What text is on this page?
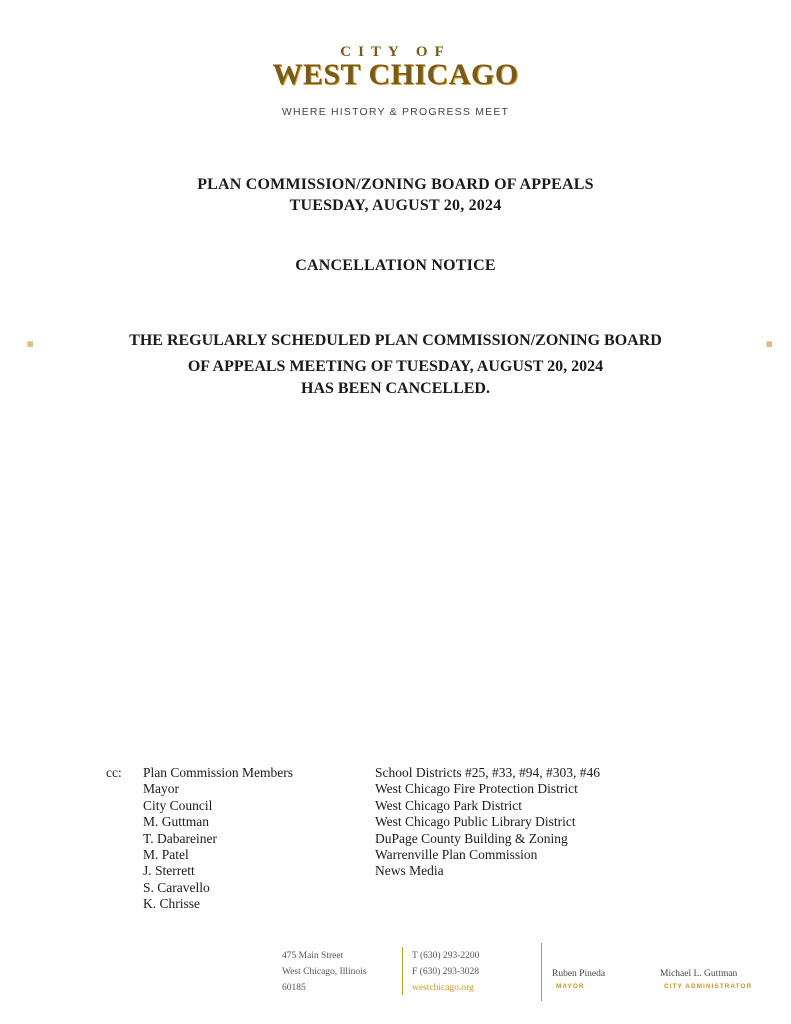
CITY OF
WEST CHICAGO
WHERE HISTORY & PROGRESS MEET
PLAN COMMISSION/ZONING BOARD OF APPEALS
TUESDAY, AUGUST 20, 2024
CANCELLATION NOTICE
▦	▦
THE REGULARLY SCHEDULED PLAN COMMISSION/ZONING BOARD
OF APPEALS MEETING OF TUESDAY, AUGUST 20, 2024
HAS BEEN CANCELLED.
cc: Plan Commission Members
Mayor
City Council
M. Guttman
T. Dabareiner
M. Patel
J. Sterrett
S. Caravello
K. Chrisse
School Districts #25, #33, #94, #303, #46
West Chicago Fire Protection District
West Chicago Park District
West Chicago Public Library District
DuPage County Building & Zoning
Warrenville Plan Commission
News Media
475 Main Street
West Chicago, Illinois
60185
T (630) 293-2200
F (630) 293-3028
westchicago.org
Ruben Pineda
MAYOR
Michael L. Guttman
CITY ADMINISTRATOR
